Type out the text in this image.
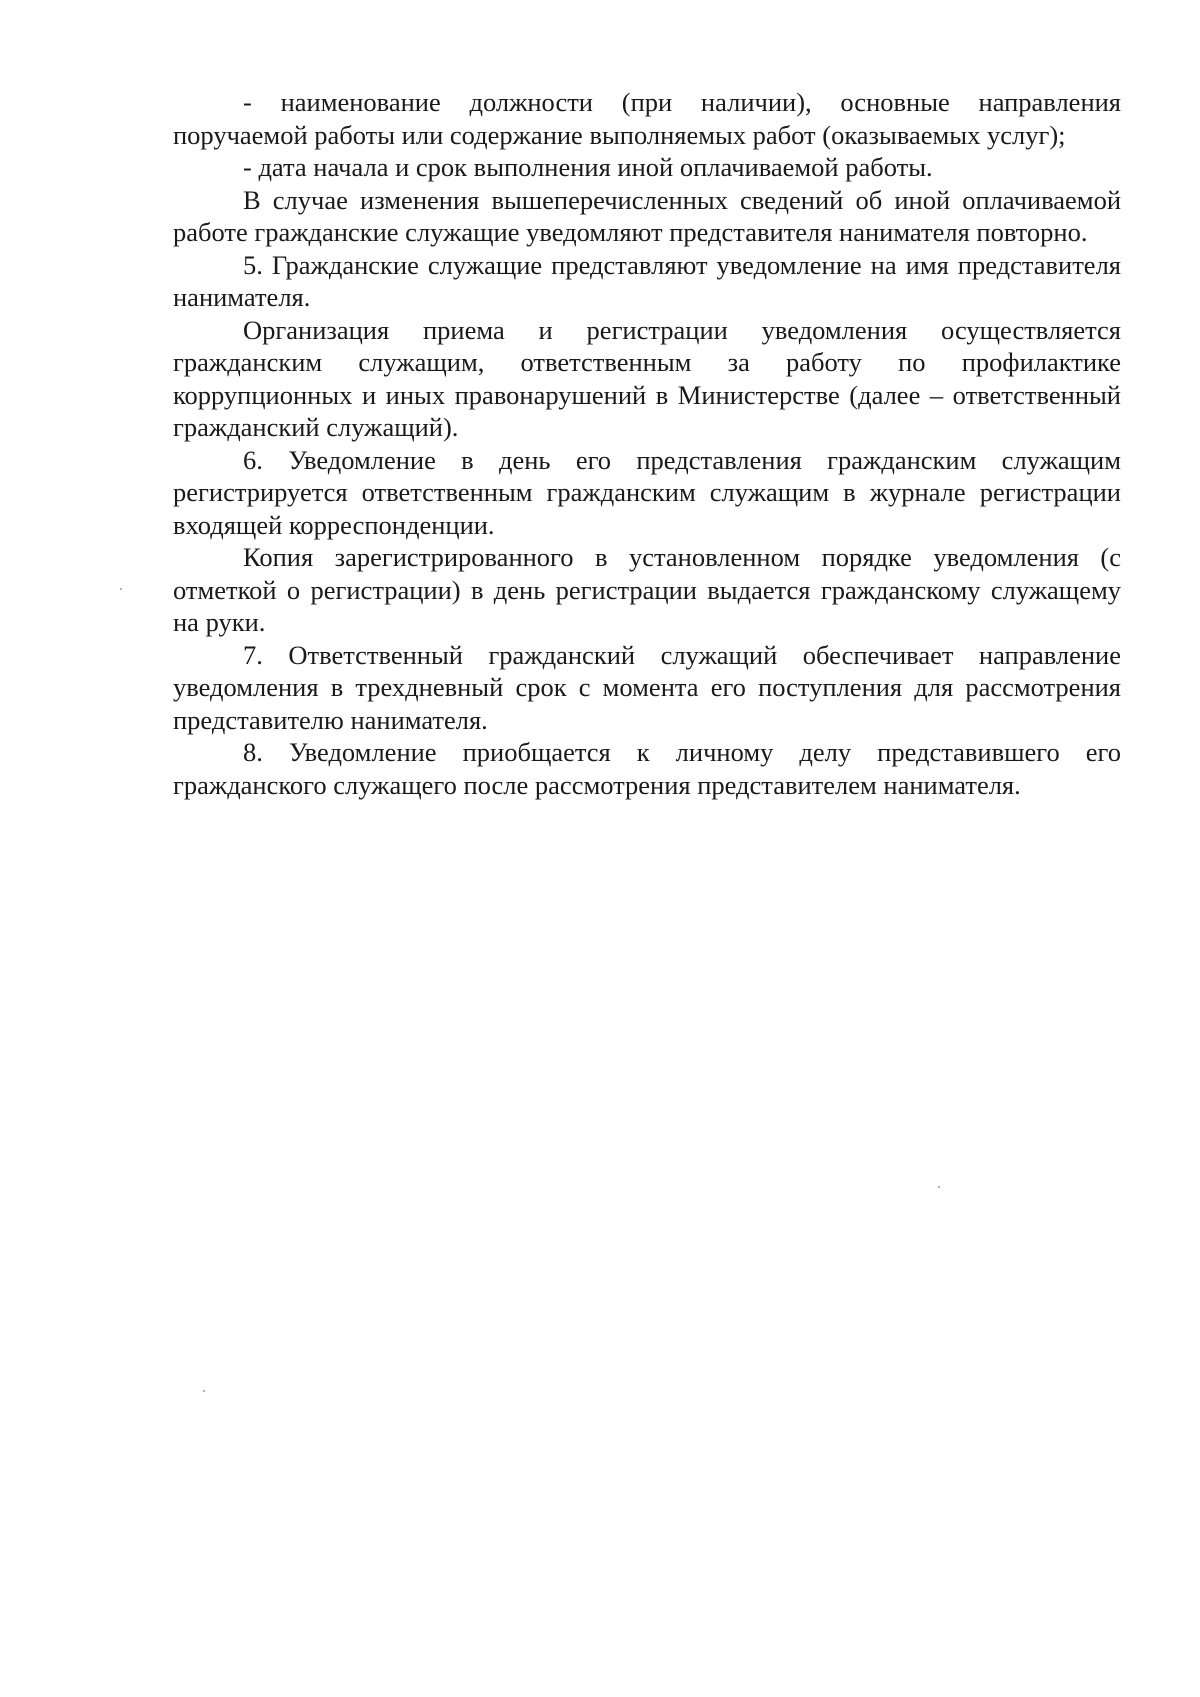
- наименование должности (при наличии), основные направления поручаемой работы или содержание выполняемых работ (оказываемых услуг);

- дата начала и срок выполнения иной оплачиваемой работы.

В случае изменения вышеперечисленных сведений об иной оплачиваемой работе гражданские служащие уведомляют представителя нанимателя повторно.

5. Гражданские служащие представляют уведомление на имя представителя нанимателя.

Организация приема и регистрации уведомления осуществляется гражданским служащим, ответственным за работу по профилактике коррупционных и иных правонарушений в Министерстве (далее – ответственный гражданский служащий).

6. Уведомление в день его представления гражданским служащим регистрируется ответственным гражданским служащим в журнале регистрации входящей корреспонденции.

Копия зарегистрированного в установленном порядке уведомления (с отметкой о регистрации) в день регистрации выдается гражданскому служащему на руки.

7. Ответственный гражданский служащий обеспечивает направление уведомления в трехдневный срок с момента его поступления для рассмотрения представителю нанимателя.

8. Уведомление приобщается к личному делу представившего его гражданского служащего после рассмотрения представителем нанимателя.
